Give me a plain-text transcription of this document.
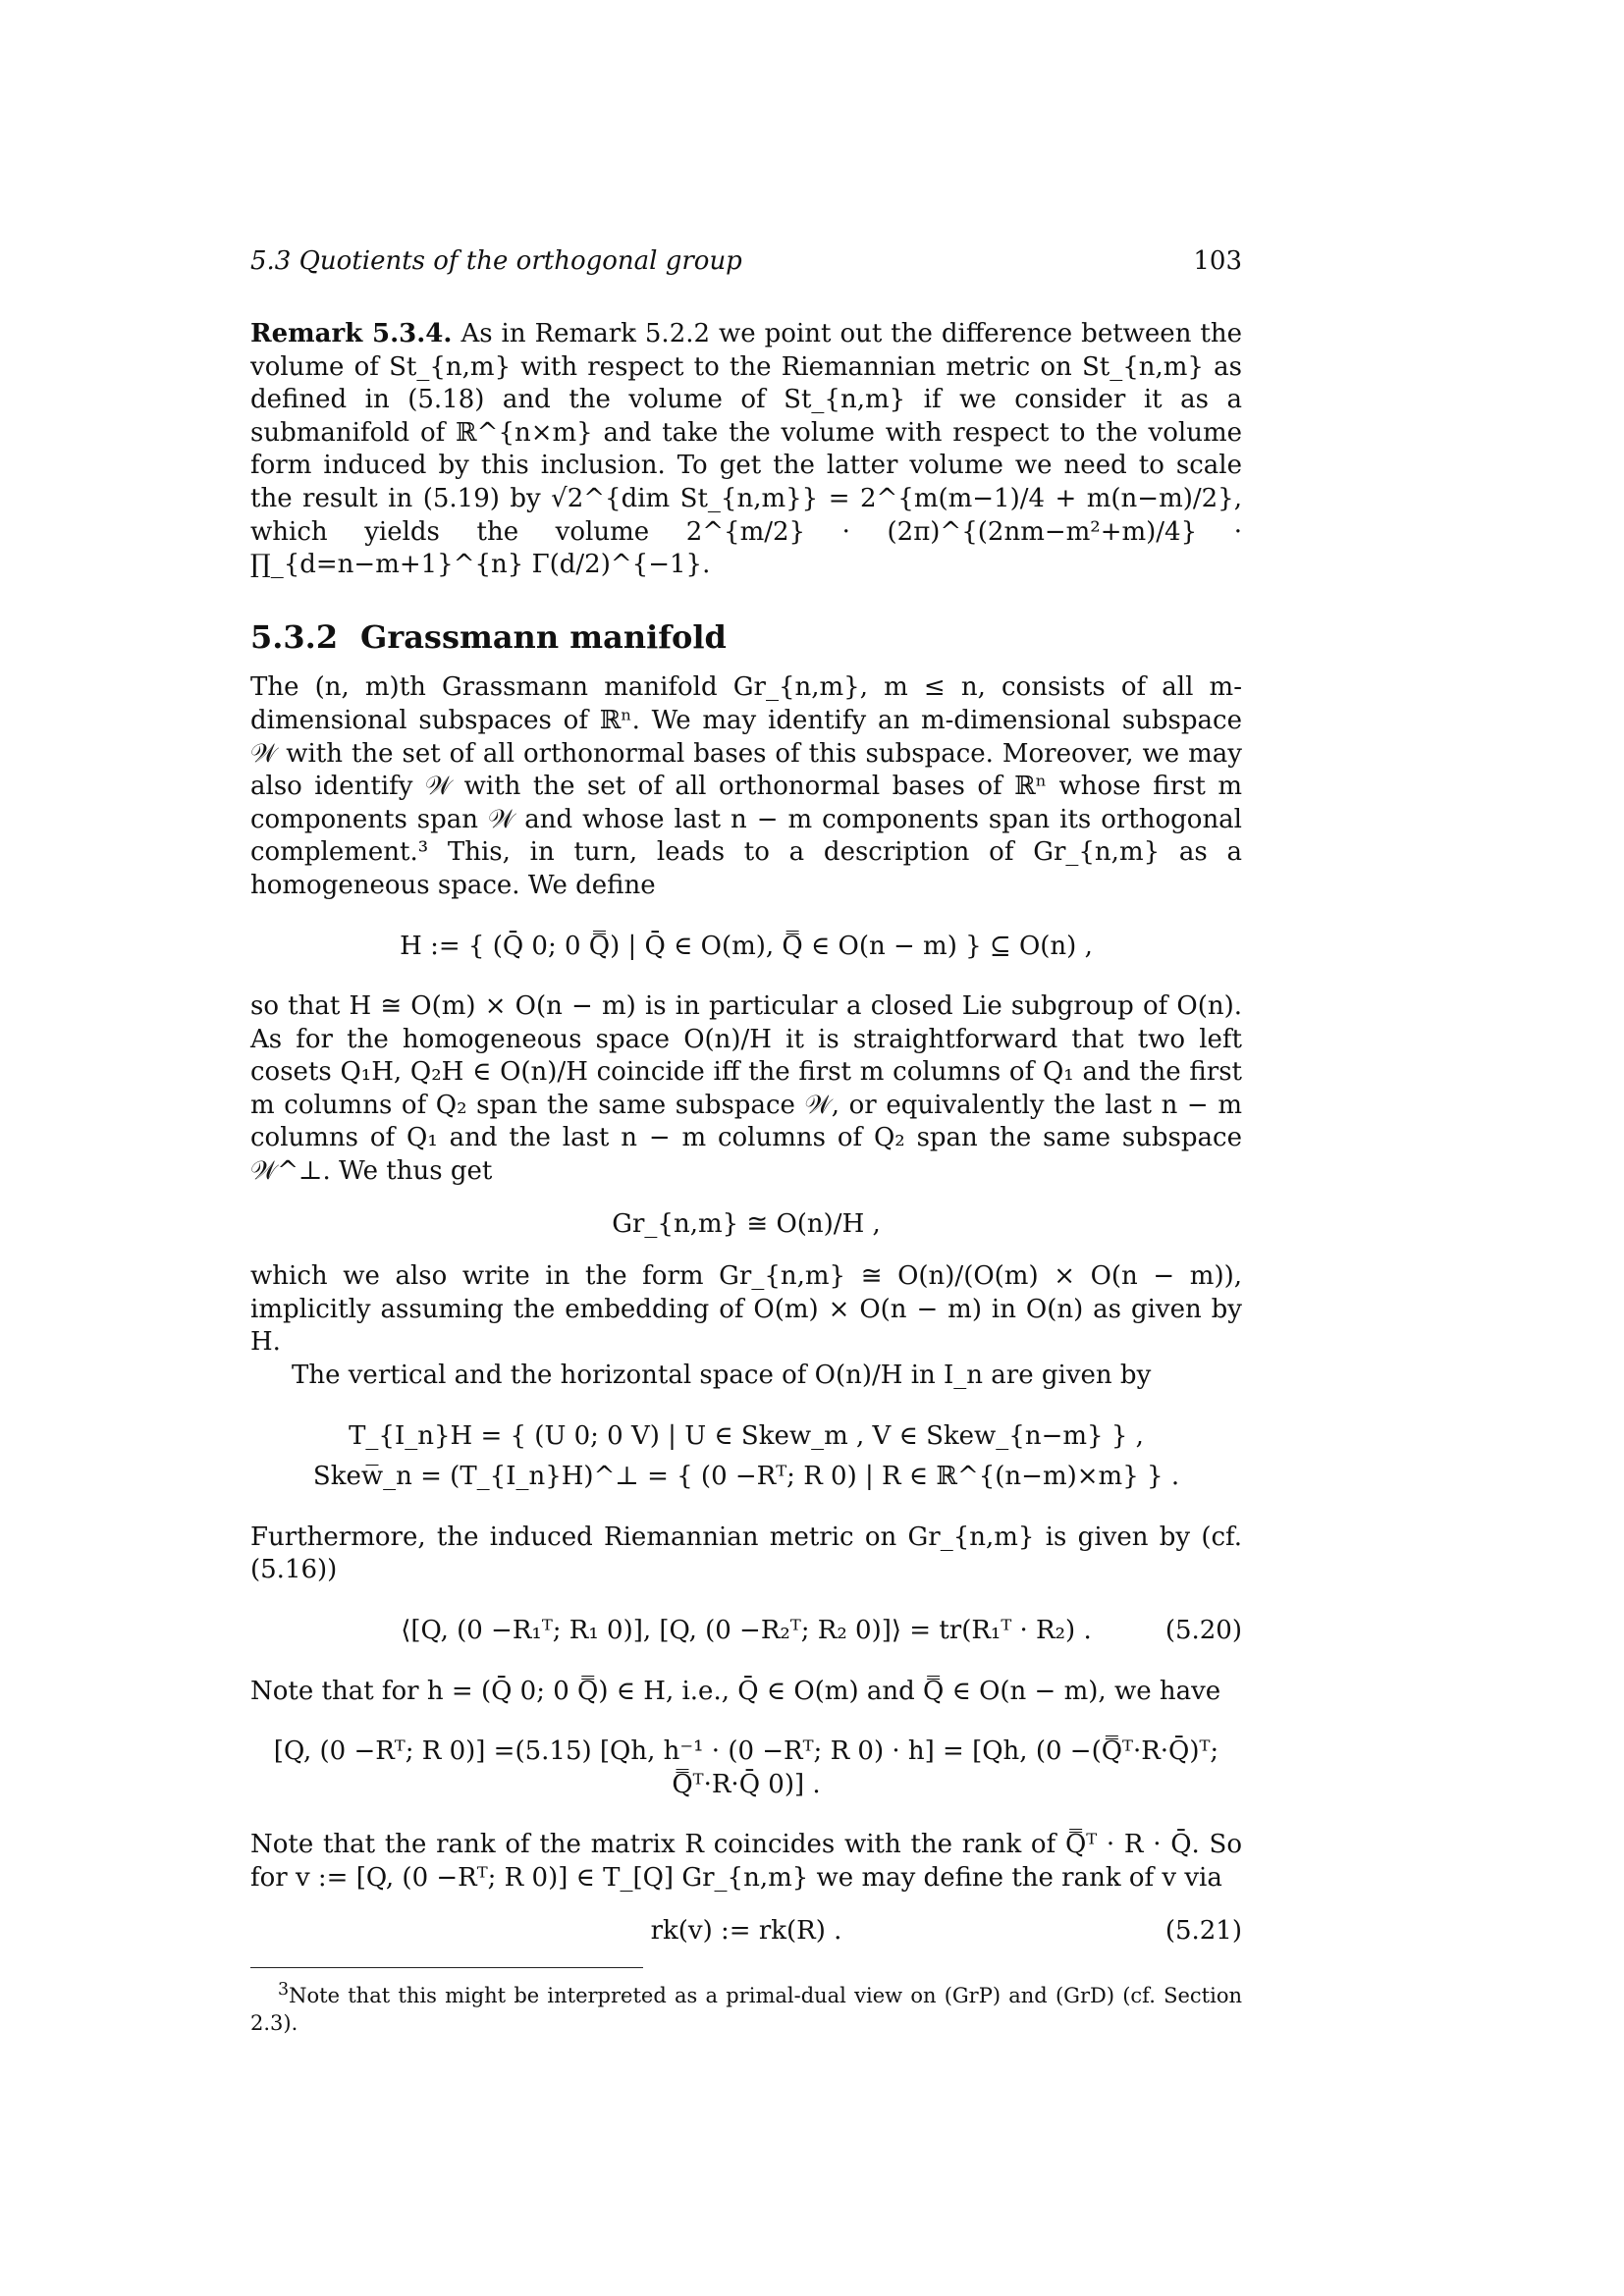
5.3 Quotients of the orthogonal group	103

Remark 5.3.4. As in Remark 5.2.2 we point out the difference between the volume of St_{n,m} with respect to the Riemannian metric on St_{n,m} as defined in (5.18) and the volume of St_{n,m} if we consider it as a submanifold of ℝ^{n×m} and take the volume with respect to the volume form induced by this inclusion. To get the latter volume we need to scale the result in (5.19) by √2^{dim St_{n,m}} = 2^{m(m−1)/4 + m(n−m)/2}, which yields the volume 2^{m/2} · (2π)^{(2nm−m²+m)/4} · ∏_{d=n−m+1}^{n} Γ(d/2)^{−1}.

5.3.2 Grassmann manifold

The (n, m)th Grassmann manifold Gr_{n,m}, m ≤ n, consists of all m-dimensional subspaces of ℝⁿ. We may identify an m-dimensional subspace 𝒲 with the set of all orthonormal bases of this subspace. Moreover, we may also identify 𝒲 with the set of all orthonormal bases of ℝⁿ whose first m components span 𝒲 and whose last n − m components span its orthogonal complement.³ This, in turn, leads to a description of Gr_{n,m} as a homogeneous space. We define

H := { (Q̄ 0; 0 Q̿) | Q̄ ∈ O(m), Q̿ ∈ O(n − m) } ⊆ O(n) ,

so that H ≅ O(m) × O(n − m) is in particular a closed Lie subgroup of O(n). As for the homogeneous space O(n)/H it is straightforward that two left cosets Q₁H, Q₂H ∈ O(n)/H coincide iff the first m columns of Q₁ and the first m columns of Q₂ span the same subspace 𝒲, or equivalently the last n − m columns of Q₁ and the last n − m columns of Q₂ span the same subspace 𝒲^⊥. We thus get

Gr_{n,m} ≅ O(n)/H ,

which we also write in the form Gr_{n,m} ≅ O(n)/(O(m) × O(n − m)), implicitly assuming the embedding of O(m) × O(n − m) in O(n) as given by H.

The vertical and the horizontal space of O(n)/H in I_n are given by

T_{I_n}H = { (U 0; 0 V) | U ∈ Skew_m , V ∈ Skew_{n−m} } ,
Skew̅_n = (T_{I_n}H)^⊥ = { (0 −Rᵀ; R 0) | R ∈ ℝ^{(n−m)×m} } .

Furthermore, the induced Riemannian metric on Gr_{n,m} is given by (cf. (5.16))

⟨[Q, (0 −R₁ᵀ; R₁ 0)], [Q, (0 −R₂ᵀ; R₂ 0)]⟩ = tr(R₁ᵀ · R₂) .	(5.20)

Note that for h = (Q̄ 0; 0 Q̿) ∈ H, i.e., Q̄ ∈ O(m) and Q̿ ∈ O(n − m), we have

[Q, (0 −Rᵀ; R 0)] =(5.15) [Qh, h⁻¹ · (0 −Rᵀ; R 0) · h] = [Qh, (0 −(Q̿ᵀ·R·Q̄)ᵀ; Q̿ᵀ·R·Q̄ 0)] .

Note that the rank of the matrix R coincides with the rank of Q̿ᵀ · R · Q̄. So for v := [Q, (0 −Rᵀ; R 0)] ∈ T_[Q] Gr_{n,m} we may define the rank of v via

rk(v) := rk(R) .	(5.21)

$^3$Note that this might be interpreted as a primal-dual view on (GrP) and (GrD) (cf. Section 2.3).
